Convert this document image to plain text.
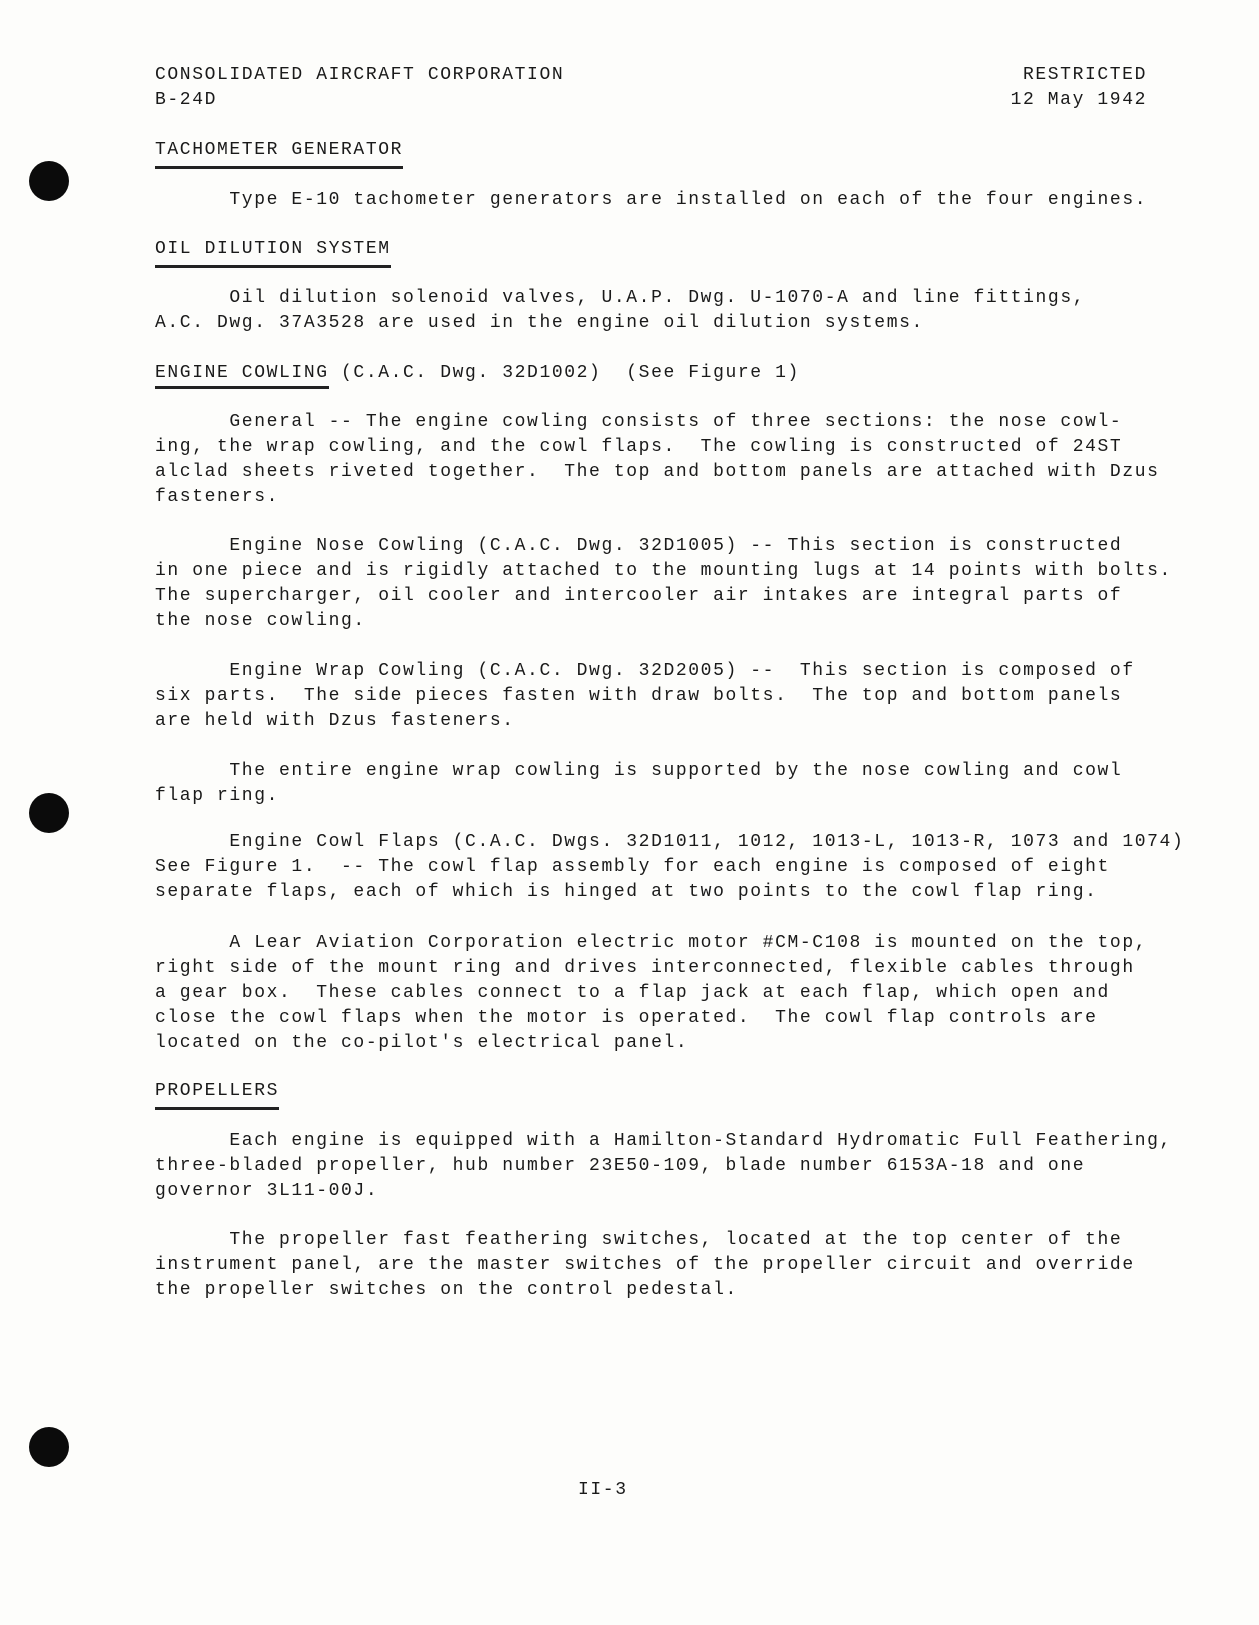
CONSOLIDATED AIRCRAFT CORPORATION
B-24D
RESTRICTED
12 May 1942
TACHOMETER GENERATOR
Type E-10 tachometer generators are installed on each of the four engines.
OIL DILUTION SYSTEM
Oil dilution solenoid valves, U.A.P. Dwg. U-1070-A and line fittings,
A.C. Dwg. 37A3528 are used in the engine oil dilution systems.
ENGINE COWLING (C.A.C. Dwg. 32D1002)  (See Figure 1)
General -- The engine cowling consists of three sections: the nose cowl-
ing, the wrap cowling, and the cowl flaps.  The cowling is constructed of 24ST
alclad sheets riveted together.  The top and bottom panels are attached with Dzus
fasteners.
Engine Nose Cowling (C.A.C. Dwg. 32D1005) -- This section is constructed
in one piece and is rigidly attached to the mounting lugs at 14 points with bolts.
The supercharger, oil cooler and intercooler air intakes are integral parts of
the nose cowling.
Engine Wrap Cowling (C.A.C. Dwg. 32D2005) --  This section is composed of
six parts.  The side pieces fasten with draw bolts.  The top and bottom panels
are held with Dzus fasteners.
The entire engine wrap cowling is supported by the nose cowling and cowl
flap ring.
Engine Cowl Flaps (C.A.C. Dwgs. 32D1011, 1012, 1013-L, 1013-R, 1073 and 1074)
See Figure 1.  -- The cowl flap assembly for each engine is composed of eight
separate flaps, each of which is hinged at two points to the cowl flap ring.
A Lear Aviation Corporation electric motor #CM-C108 is mounted on the top,
right side of the mount ring and drives interconnected, flexible cables through
a gear box.  These cables connect to a flap jack at each flap, which open and
close the cowl flaps when the motor is operated.  The cowl flap controls are
located on the co-pilot's electrical panel.
PROPELLERS
Each engine is equipped with a Hamilton-Standard Hydromatic Full Feathering,
three-bladed propeller, hub number 23E50-109, blade number 6153A-18 and one
governor 3L11-00J.
The propeller fast feathering switches, located at the top center of the
instrument panel, are the master switches of the propeller circuit and override
the propeller switches on the control pedestal.
II-3
